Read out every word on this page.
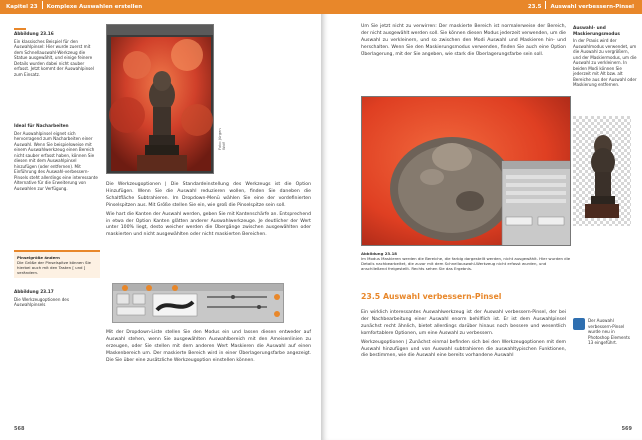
Kapitel 23 Komplexe Auswahlen erstellen
Abbildung 23.16
Ein klassisches Beispiel für den Auswahlpinsel: Hier wurde zuerst mit dem Schnellauswahl-Werkzeug die Statue ausgewählt, und einige feinere Details wurden dabei nicht sauber erfasst. Jetzt kommt der Auswahlpinsel zum Einsatz.
Ideal für Nacharbeiten
Der Auswahlpinsel eignet sich hervorragend zum Nacharbeiten einer Auswahl. Wenn Sie beispielsweise mit einem Auswahlwerkzeug einen Bereich nicht sauber erfasst haben, können Sie diesen mit dem Auswahlpinsel hinzufügen (oder entfernen). Mit Einführung des Auswahl-verbessern-Pinsels steht allerdings eine interessante Alternative für die Erweiterung von Auswahlen zur Verfügung.
Pinselgröße ändern
Die Größe der Pinselspitze können Sie hierbei auch mit den Tasten [ und ] verändern.
Abbildung 23.17
Die Werkzeugoptionen des Auswahlpinsels
Foto: Jürgen Wolf

Die Werkzeugoptionen | Die Standardeinstellung des Werkzeugs ist die Option Hinzufügen. Wenn Sie die Auswahl reduzieren wollen, finden Sie daneben die Schaltfläche Subtrahieren. Im Dropdown-Menü wählen Sie eine der vordefinierten Pinselspitzen aus. Mit Größe stellen Sie ein, wie groß die Pinselspitze sein soll.

Wie hart die Kanten der Auswahl werden, geben Sie mit Kantenschärfe an. Entsprechend in etwa der Option Kanten glätten anderer Auswahlwerkzeuge. Je deutlicher der Wert unter 100% liegt, desto weicher werden die Übergänge zwischen ausgewählten oder maskierten und nicht ausgewählten oder nicht maskierten Bereichen.

Mit der Dropdown-Liste stellen Sie den Modus ein und lassen diesen entweder auf Auswahl stehen, wenn Sie ausgewählten Auswahlbereich mit den Ameisenlinien zu erzeugen, oder Sie stellen mit dem anderen Wert Maskieren die Auswahl auf einen Maskenbereich um. Der maskierte Bereich wird in einer Überlagerungsfarbe angezeigt. Die Sie über eine zusätzliche Werkzeugoption einstellen können.

568
23.5 Auswahl verbessern-Pinsel

Um Sie jetzt nicht zu verwirren: Der maskierte Bereich ist normalerweise der Bereich, der nicht ausgewählt werden soll. Sie können diesen Modus jederzeit verwenden, um die Auswahl zu verkleinern, und so zwischen den Modi Auswahl und Maskieren hin- und herschalten. Wenn Sie den Maskierungsmodus verwenden, finden Sie auch eine Option Überlagerung, mit der Sie angeben, wie stark die Überlagerungsfarbe sein soll.

Auswahl- und Maskierungsmodus
In der Praxis wird der Auswahlmodus verwendet, um die Auswahl zu vergrößern, und der Maskiermodus, um die Auswahl zu verkleinern. In beiden Modi können Sie jederzeit mit Alt bzw. alt Bereiche aus der Auswahl oder Maskierung entfernen.
Abbildung 23.18
Im Modus Maskieren werden die Bereiche, die farbig dargestellt werden, nicht ausgewählt. Hier wurden die Details nachbearbeitet, die zuvor mit dem Schnellauswahl-Werkzeug nicht erfasst wurden, und anschließend freigestellt. Rechts sehen Sie das Ergebnis.
23.5 Auswahl verbessern-Pinsel

Ein wirklich interessantes Auswahlwerkzeug ist der Auswahl verbessern-Pinsel, der bei der Nachbearbeitung einer Auswahl enorm behilflich ist. Er ist dem Auswahlpinsel zunächst recht ähnlich, bietet allerdings darüber hinaus noch bessere und wesentlich komfortablere Optionen, um eine Auswahl zu verbessern.

Werkzeugoptionen | Zunächst einmal befinden sich bei den Werkzeugoptionen mit dem Auswahl hinzufügen und von Auswahl subtrahieren die auswahltypischen Funktionen, die bestimmen, wie die Auswahl eine bereits vorhandene Auswahl

Der Auswahl verbessern-Pinsel wurde neu in Photoshop Elements 13 eingeführt.
569
